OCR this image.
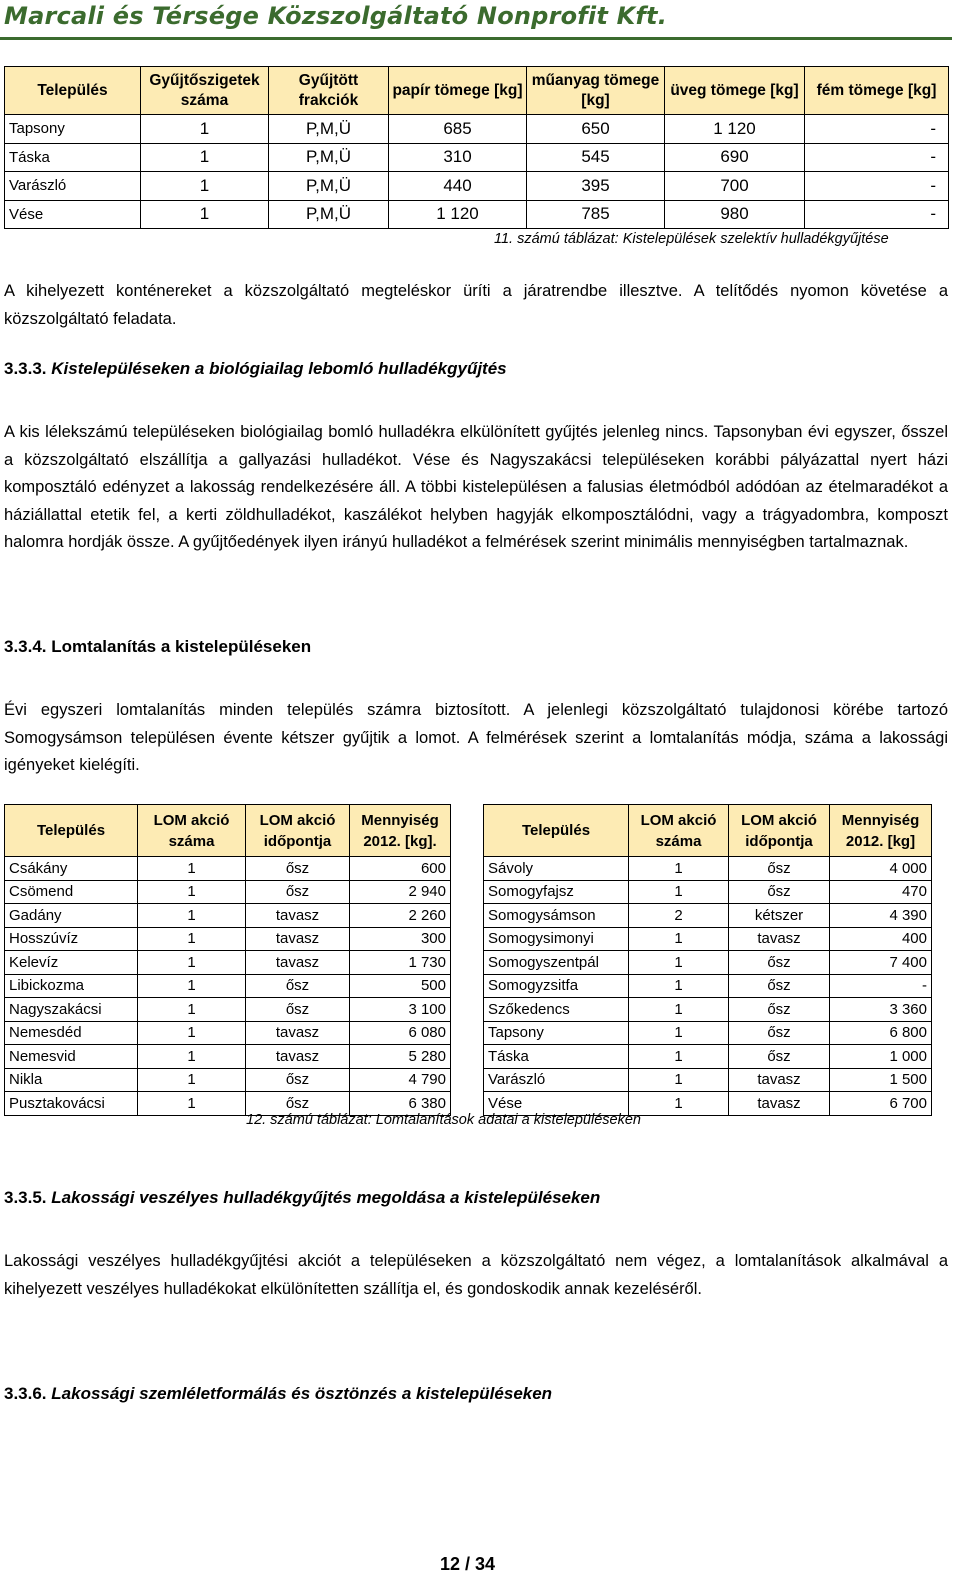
Marcali és Térsége Közszolgáltató Nonprofit Kft.
Település	Gyűjtőszigetek száma	Gyűjtött frakciók	papír tömege [kg]	műanyag tömege [kg]	üveg tömege [kg]	fém tömege [kg]
Tapsony	1	P,M,Ü	685	650	1 120	-
Táska	1	P,M,Ü	310	545	690	-
Varászló	1	P,M,Ü	440	395	700	-
Vése	1	P,M,Ü	1 120	785	980	-
11. számú táblázat: Kistelepülések szelektív hulladékgyűjtése
A kihelyezett konténereket a közszolgáltató megteléskor üríti a járatrendbe illesztve. A telítődés nyomon követése a közszolgáltató feladata.
3.3.3. Kistelepüléseken a biológiailag lebomló hulladékgyűjtés
A kis lélekszámú településeken biológiailag bomló hulladékra elkülönített gyűjtés jelenleg nincs. Tapsonyban évi egyszer, ősszel a közszolgáltató elszállítja a gallyazási hulladékot. Vése és Nagyszakácsi településeken korábbi pályázattal nyert házi komposztáló edényzet a lakosság rendelkezésére áll. A többi kistelepülésen a falusias életmódból adódóan az ételmaradékot a háziállattal etetik fel, a kerti zöldhulladékot, kaszálékot helyben hagyják elkomposztálódni, vagy a trágyadombra, komposzt halomra hordják össze. A gyűjtőedények ilyen irányú hulladékot a felmérések szerint minimális mennyiségben tartalmaznak.
3.3.4. Lomtalanítás a kistelepüléseken
Évi egyszeri lomtalanítás minden település számra biztosított. A jelenlegi közszolgáltató tulajdonosi körébe tartozó Somogysámson településen évente kétszer gyűjtik a lomot. A felmérések szerint a lomtalanítás módja, száma a lakossági igényeket kielégíti.
Település	LOM akció száma	LOM akció időpontja	Mennyiség 2012. [kg].
Csákány	1	ősz	600
Csömend	1	ősz	2 940
Gadány	1	tavasz	2 260
Hosszúvíz	1	tavasz	300
Kelevíz	1	tavasz	1 730
Libickozma	1	ősz	500
Nagyszakácsi	1	ősz	3 100
Nemesdéd	1	tavasz	6 080
Nemesvid	1	tavasz	5 280
Nikla	1	ősz	4 790
Pusztakovácsi	1	ősz	6 380
Település	LOM akció száma	LOM akció időpontja	Mennyiség 2012. [kg]
Sávoly	1	ősz	4 000
Somogyfajsz	1	ősz	470
Somogysámson	2	kétszer	4 390
Somogysimonyi	1	tavasz	400
Somogyszentpál	1	ősz	7 400
Somogyzsitfa	1	ősz	-
Szőkedencs	1	ősz	3 360
Tapsony	1	ősz	6 800
Táska	1	ősz	1 000
Varászló	1	tavasz	1 500
Vése	1	tavasz	6 700
12. számú táblázat: Lomtalanítások adatai a kistelepüléseken
3.3.5. Lakossági veszélyes hulladékgyűjtés megoldása a kistelepüléseken
Lakossági veszélyes hulladékgyűjtési akciót a településeken a közszolgáltató nem végez, a lomtalanítások alkalmával a kihelyezett veszélyes hulladékokat elkülönítetten szállítja el, és gondoskodik annak kezeléséről.
3.3.6. Lakossági szemléletformálás és ösztönzés a kistelepüléseken
12 / 34
